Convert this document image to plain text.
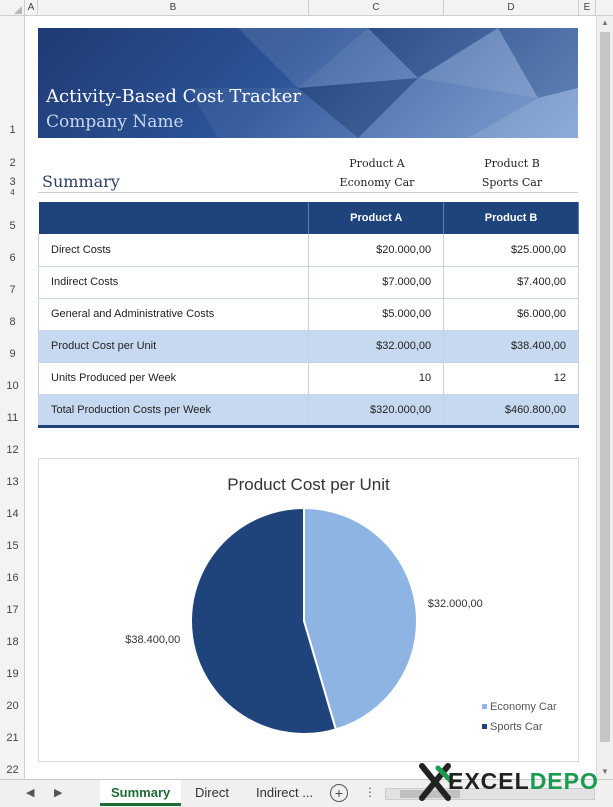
A	B	C	D	E
1
2
3
4
5
6
7
8
9
10
11
12
13
14
15
16
17
18
19
20
21
22
▲
▼
Activity-Based Cost Tracker
Company Name
Product A
Economy Car
Product B
Sports Car
Summary
	Product A	Product B
Direct Costs	$20.000,00	$25.000,00
Indirect Costs	$7.000,00	$7.400,00
General and Administrative Costs	$5.000,00	$6.000,00
Product Cost per Unit	$32.000,00	$38.400,00
Units Produced per Week	10	12
Total Production Costs per Week	$320.000,00	$460.800,00
Product Cost per Unit
$32.000,00
$38.400,00
Economy Car
Sports Car
◀ ▶	Summary	Direct	Indirect ...	+	⋮	EXCELDEPO
